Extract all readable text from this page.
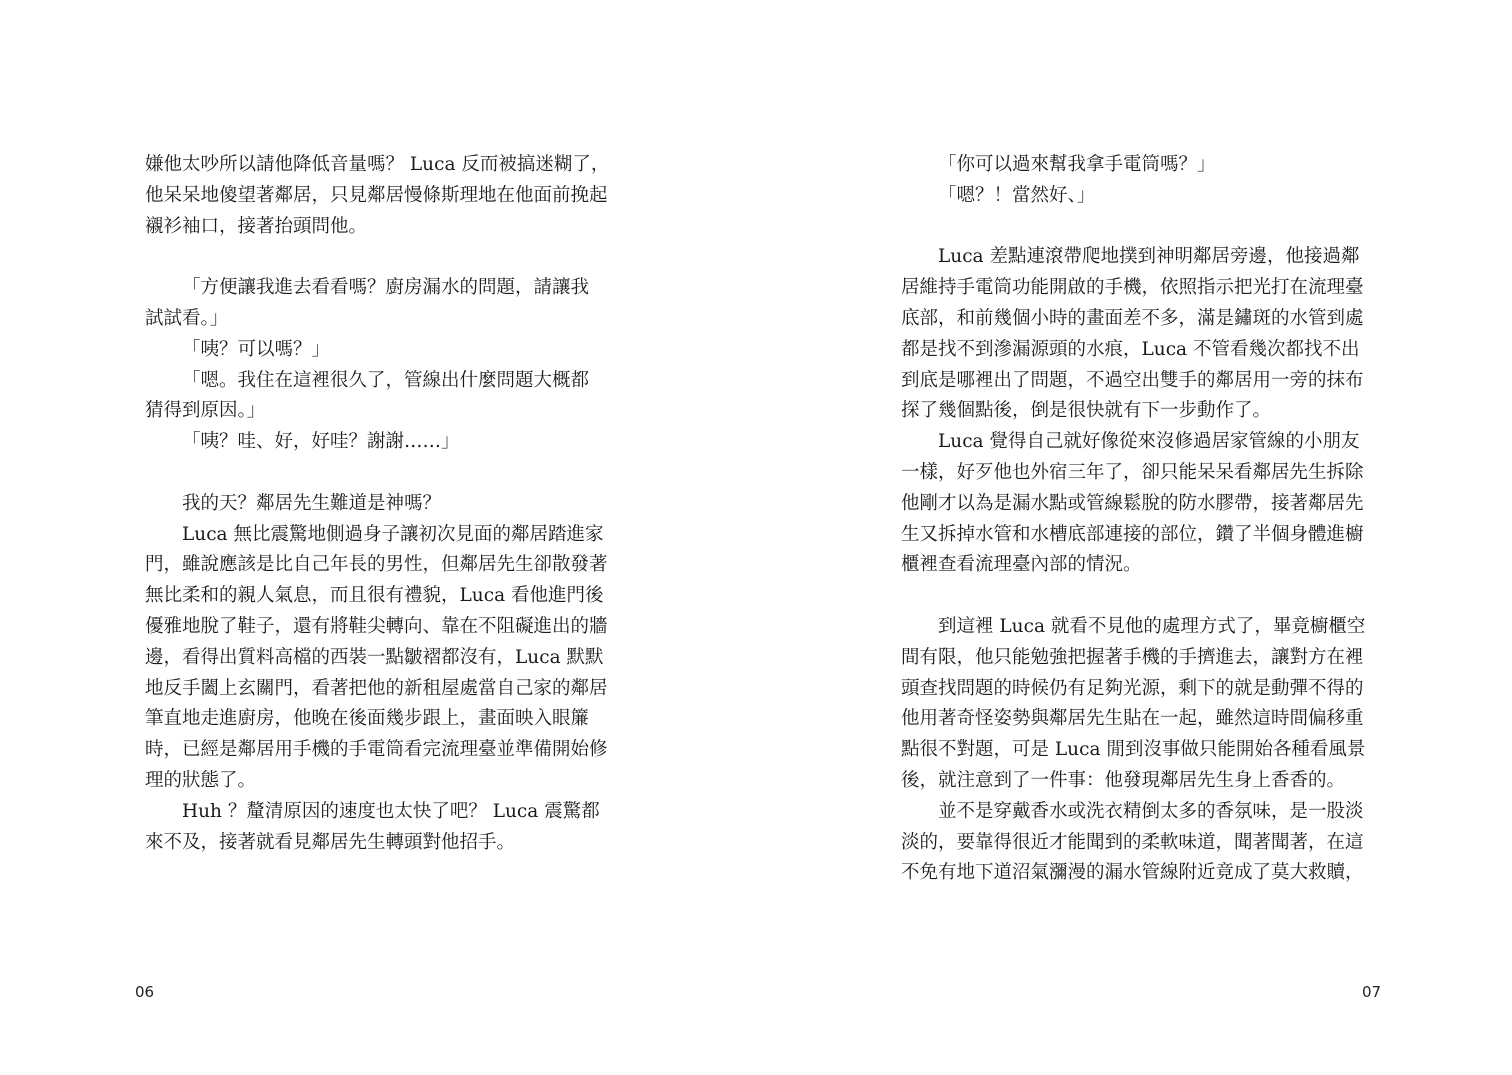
嫌他太吵所以請他降低音量嗎？ Luca 反而被搞迷糊了，
他呆呆地傻望著鄰居，只見鄰居慢條斯理地在他面前挽起
襯衫袖口，接著抬頭問他。
「方便讓我進去看看嗎？廚房漏水的問題，請讓我
試試看。」
「咦？可以嗎？」
「嗯。我住在這裡很久了，管線出什麼問題大概都
猜得到原因。」
「咦？哇、好，好哇？謝謝……」
我的天？鄰居先生難道是神嗎？
Luca 無比震驚地側過身子讓初次見面的鄰居踏進家
門，雖說應該是比自己年長的男性，但鄰居先生卻散發著
無比柔和的親人氣息，而且很有禮貌，Luca 看他進門後
優雅地脫了鞋子，還有將鞋尖轉向、靠在不阻礙進出的牆
邊，看得出質料高檔的西裝一點皺褶都沒有，Luca 默默
地反手闔上玄關門，看著把他的新租屋處當自己家的鄰居
筆直地走進廚房，他晚在後面幾步跟上，畫面映入眼簾
時，已經是鄰居用手機的手電筒看完流理臺並準備開始修
理的狀態了。
Huh ？釐清原因的速度也太快了吧？ Luca 震驚都
來不及，接著就看見鄰居先生轉頭對他招手。
06
「你可以過來幫我拿手電筒嗎？」
「嗯？！當然好、」
Luca 差點連滾帶爬地撲到神明鄰居旁邊，他接過鄰
居維持手電筒功能開啟的手機，依照指示把光打在流理臺
底部，和前幾個小時的畫面差不多，滿是鏽斑的水管到處
都是找不到滲漏源頭的水痕，Luca 不管看幾次都找不出
到底是哪裡出了問題，不過空出雙手的鄰居用一旁的抹布
探了幾個點後，倒是很快就有下一步動作了。
Luca 覺得自己就好像從來沒修過居家管線的小朋友
一樣，好歹他也外宿三年了，卻只能呆呆看鄰居先生拆除
他剛才以為是漏水點或管線鬆脫的防水膠帶，接著鄰居先
生又拆掉水管和水槽底部連接的部位，鑽了半個身體進櫥
櫃裡查看流理臺內部的情況。
到這裡 Luca 就看不見他的處理方式了，畢竟櫥櫃空
間有限，他只能勉強把握著手機的手擠進去，讓對方在裡
頭查找問題的時候仍有足夠光源，剩下的就是動彈不得的
他用著奇怪姿勢與鄰居先生貼在一起，雖然這時間偏移重
點很不對題，可是 Luca 閒到沒事做只能開始各種看風景
後，就注意到了一件事：他發現鄰居先生身上香香的。
並不是穿戴香水或洗衣精倒太多的香氛味，是一股淡
淡的，要靠得很近才能聞到的柔軟味道，聞著聞著，在這
不免有地下道沼氣瀰漫的漏水管線附近竟成了莫大救贖，
07
